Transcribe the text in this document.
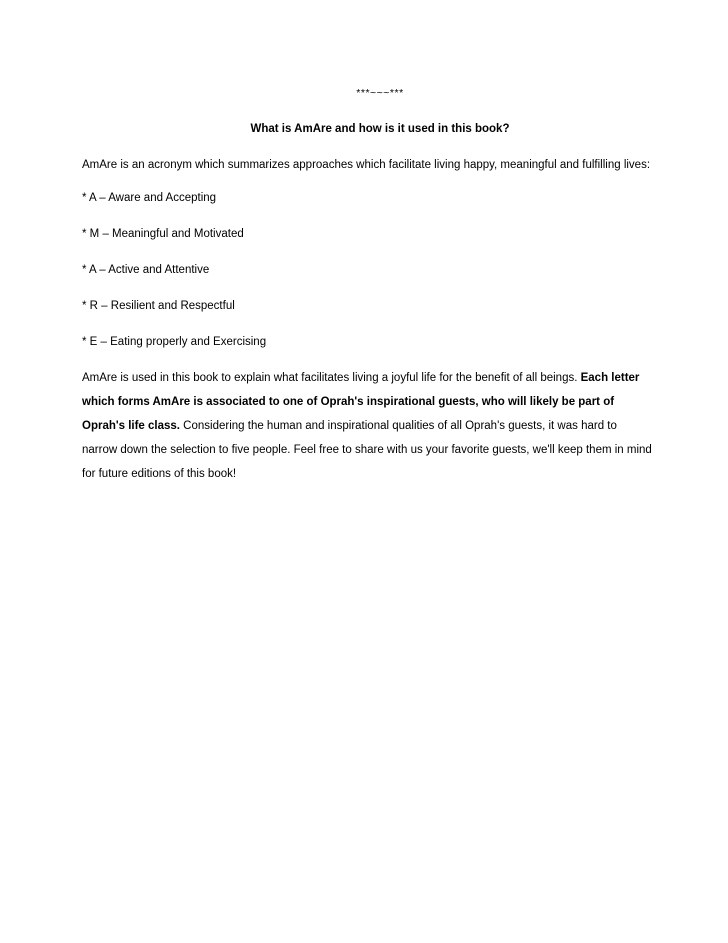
***~~~***
What is AmAre and how is it used in this book?

AmAre is an acronym which summarizes approaches which facilitate living happy, meaningful and fulfilling lives:

* A – Aware and Accepting
* M – Meaningful and Motivated
* A – Active and Attentive
* R – Resilient and Respectful
* E – Eating properly and Exercising

AmAre is used in this book to explain what facilitates living a joyful life for the benefit of all beings. Each letter which forms AmAre is associated to one of Oprah's inspirational guests, who will likely be part of Oprah's life class. Considering the human and inspirational qualities of all Oprah's guests, it was hard to narrow down the selection to five people. Feel free to share with us your favorite guests, we'll keep them in mind for future editions of this book!
